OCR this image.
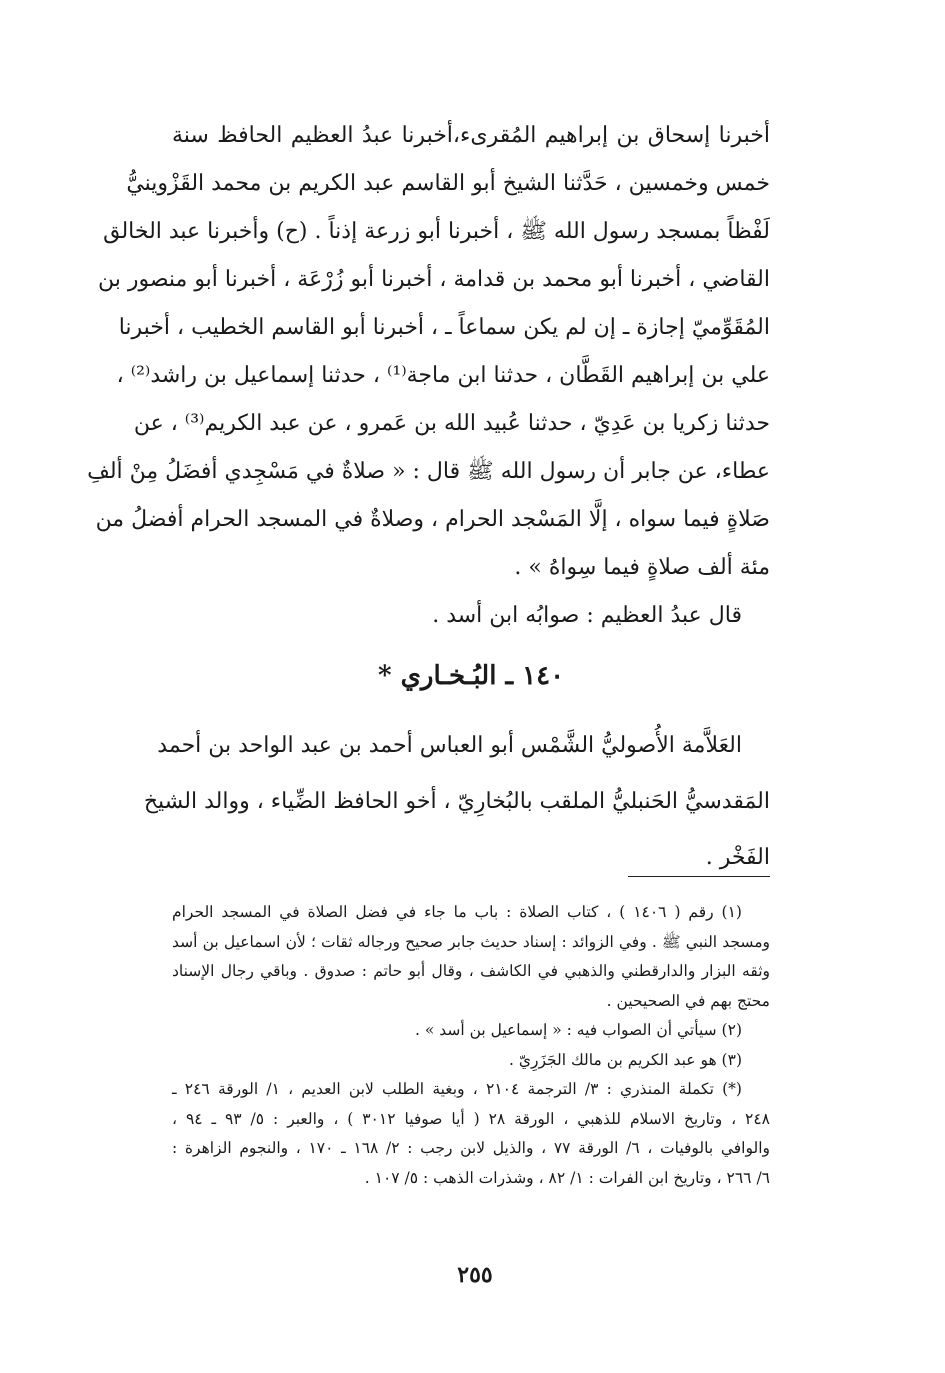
أخبرنا إسحاق بن إبراهيم المُقرىء،أخبرنا عبدُ العظيم الحافظ سنة
خمس وخمسين ، حَدَّثنا الشيخ أبو القاسم عبد الكريم بن محمد القَزْوينيُّ
لَفْظاً بمسجد رسول الله ﷺ ، أخبرنا أبو زرعة إذناً . (ح) وأخبرنا عبد الخالق
القاضي ، أخبرنا أبو محمد بن قدامة ، أخبرنا أبو زُرْعَة ، أخبرنا أبو منصور بن
المُقَوِّميّ إجازة ـ إن لم يكن سماعاً ـ ، أخبرنا أبو القاسم الخطيب ، أخبرنا
علي بن إبراهيم القَطَّان ، حدثنا ابن ماجة⁽¹⁾ ، حدثنا إسماعيل بن راشد⁽²⁾ ،
حدثنا زكريا بن عَدِيّ ، حدثنا عُبيد الله بن عَمرو ، عن عبد الكريم⁽³⁾ ، عن
عطاء، عن جابر أن رسول الله ﷺ قال : « صلاةٌ في مَسْجِدي أفضَلُ مِنْ ألفِ
صَلاةٍ فيما سواه ، إلَّا المَسْجد الحرام ، وصلاةٌ في المسجد الحرام أفضلُ من
مئة ألف صلاةٍ فيما سِواهُ » .
قال عبدُ العظيم : صوابُه ابن أسد .
١٤٠ ـ البُـخـاري *
العَلاَّمة الأُصوليُّ الشَّمْس أبو العباس أحمد بن عبد الواحد بن أحمد
المَقدسيُّ الحَنبليُّ الملقب بالبُخارِيّ ، أخو الحافظ الضِّياء ، ووالد الشيخ
الفَخْر .
(١) رقم ( ١٤٠٦ ) ، كتاب الصلاة : باب ما جاء في فضل الصلاة في المسجد الحرام
ومسجد النبي ﷺ . وفي الزوائد : إسناد حديث جابر صحيح ورجاله ثقات ؛ لأن اسماعيل بن أسد
وثقه البزار والدارقطني والذهبي في الكاشف ، وقال أبو حاتم : صدوق . وباقي رجال الإسناد
محتج بهم في الصحيحين .
(٢) سيأتي أن الصواب فيه : « إسماعيل بن أسد » .
(٣) هو عبد الكريم بن مالك الجَزَرِيّ .
(*) تكملة المنذري : ٣/ الترجمة ٢١٠٤ ، وبغية الطلب لابن العديم ، ١/ الورقة ٢٤٦ ـ
٢٤٨ ، وتاريخ الاسلام للذهبي ، الورقة ٢٨ ( أيا صوفيا ٣٠١٢ ) ، والعبر : ٥/ ٩٣ ـ ٩٤ ،
والوافي بالوفيات ، ٦/ الورقة ٧٧ ، والذيل لابن رجب : ٢/ ١٦٨ ـ ١٧٠ ، والنجوم الزاهرة :
٦/ ٢٦٦ ، وتاريخ ابن الفرات : ١/ ٨٢ ، وشذرات الذهب : ٥/ ١٠٧ .
٢٥٥
